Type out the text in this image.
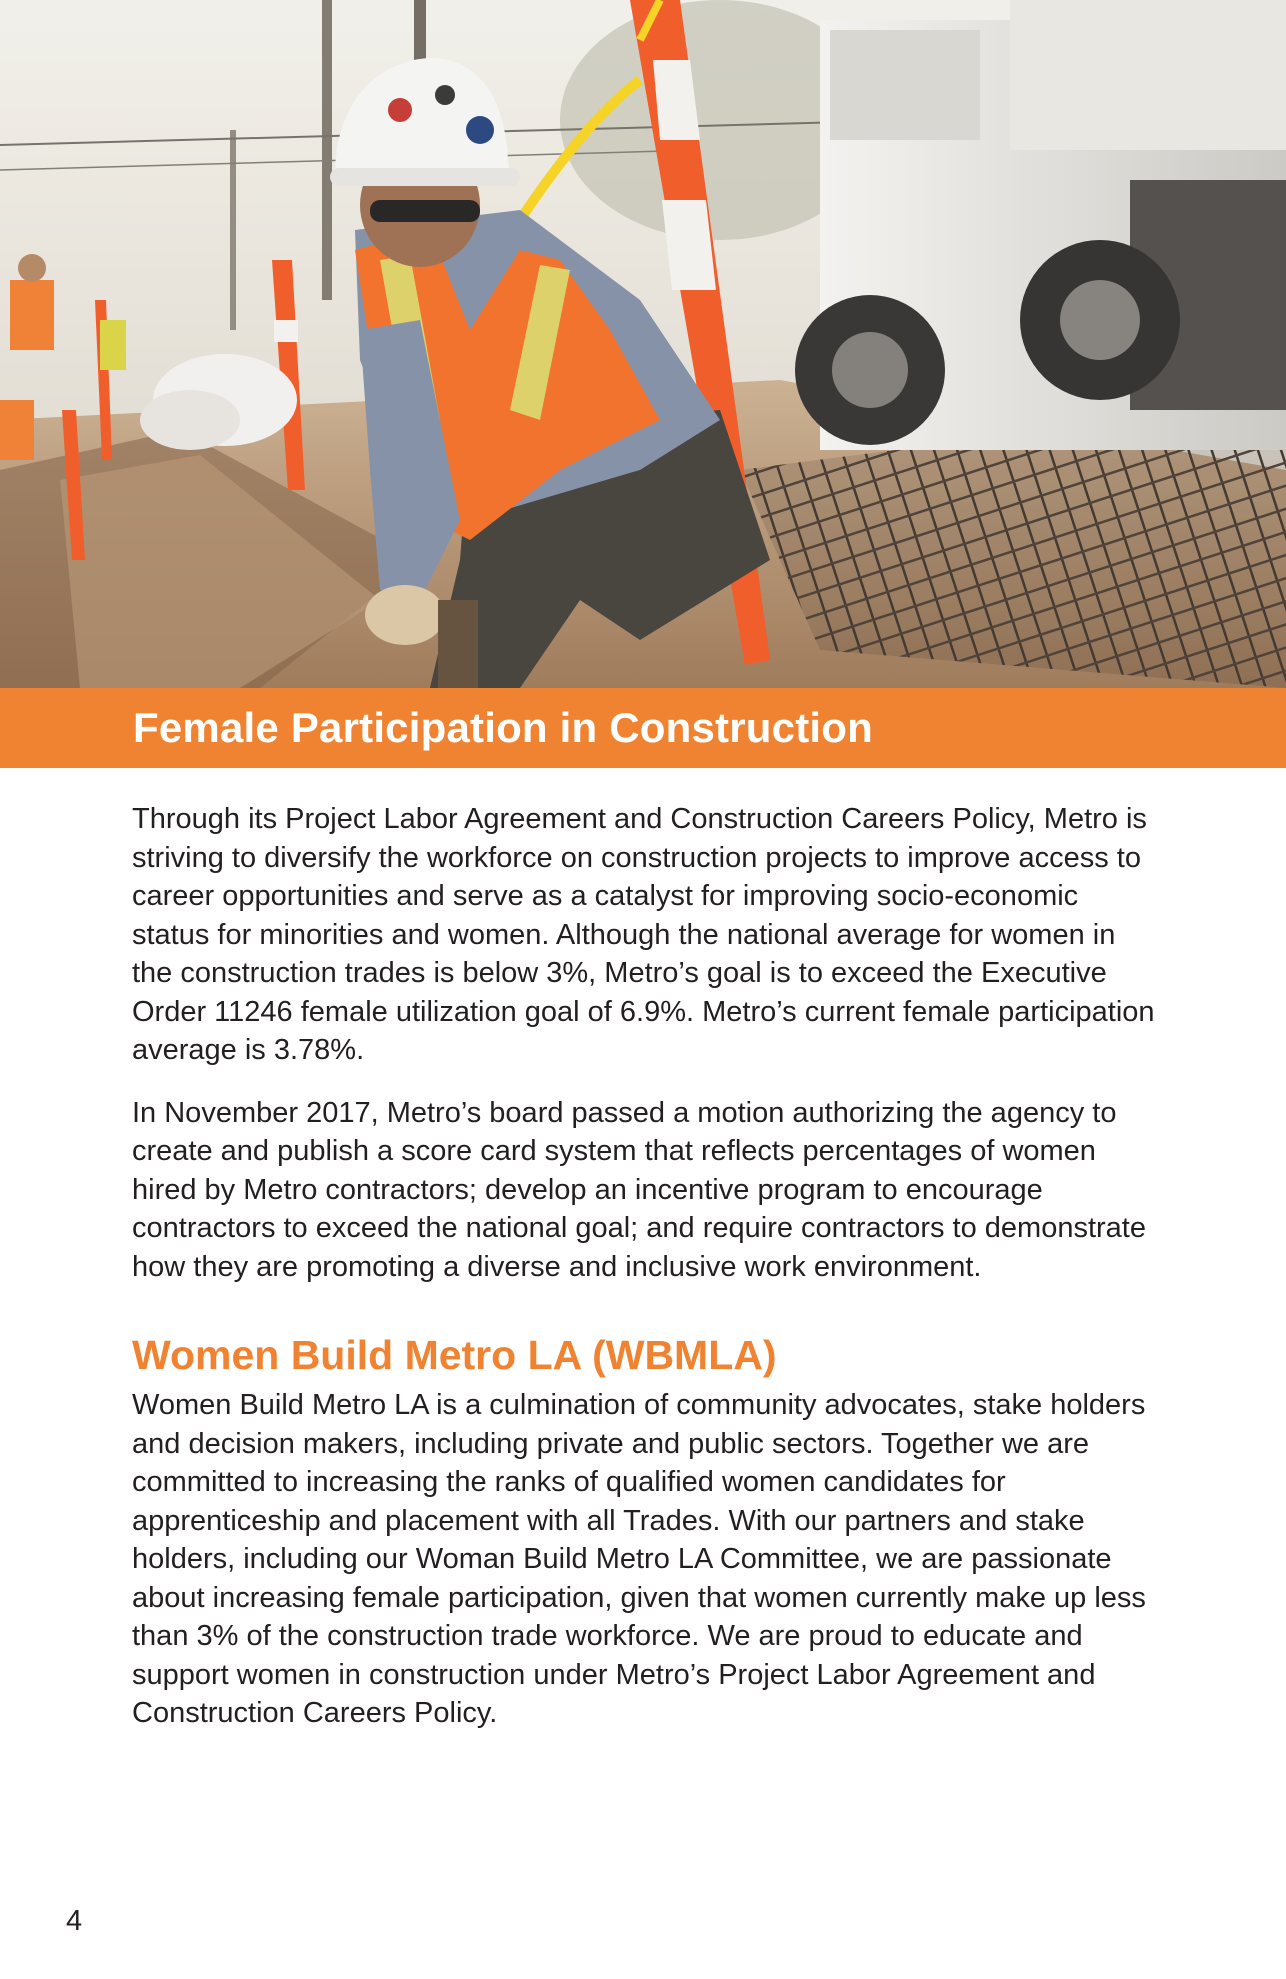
Female Participation in Construction

Through its Project Labor Agreement and Construction Careers Policy, Metro is striving to diversify the workforce on construction projects to improve access to career opportunities and serve as a catalyst for improving socio-economic status for minorities and women. Although the national average for women in the construction trades is below 3%, Metro’s goal is to exceed the Executive Order 11246 female utilization goal of 6.9%. Metro’s current female participation average is 3.78%.

In November 2017, Metro’s board passed a motion authorizing the agency to create and publish a score card system that reflects percentages of women hired by Metro contractors; develop an incentive program to encourage contractors to exceed the national goal; and require contractors to demonstrate how they are promoting a diverse and inclusive work environment.

Women Build Metro LA (WBMLA)

Women Build Metro LA is a culmination of community advocates, stake holders and decision makers, including private and public sectors. Together we are committed to increasing the ranks of qualified women candidates for apprenticeship and placement with all Trades. With our partners and stake holders, including our Woman Build Metro LA Committee, we are passionate about increasing female participation, given that women currently make up less than 3% of the construction trade workforce. We are proud to educate and support women in construction under Metro’s Project Labor Agreement and Construction Careers Policy.

4
